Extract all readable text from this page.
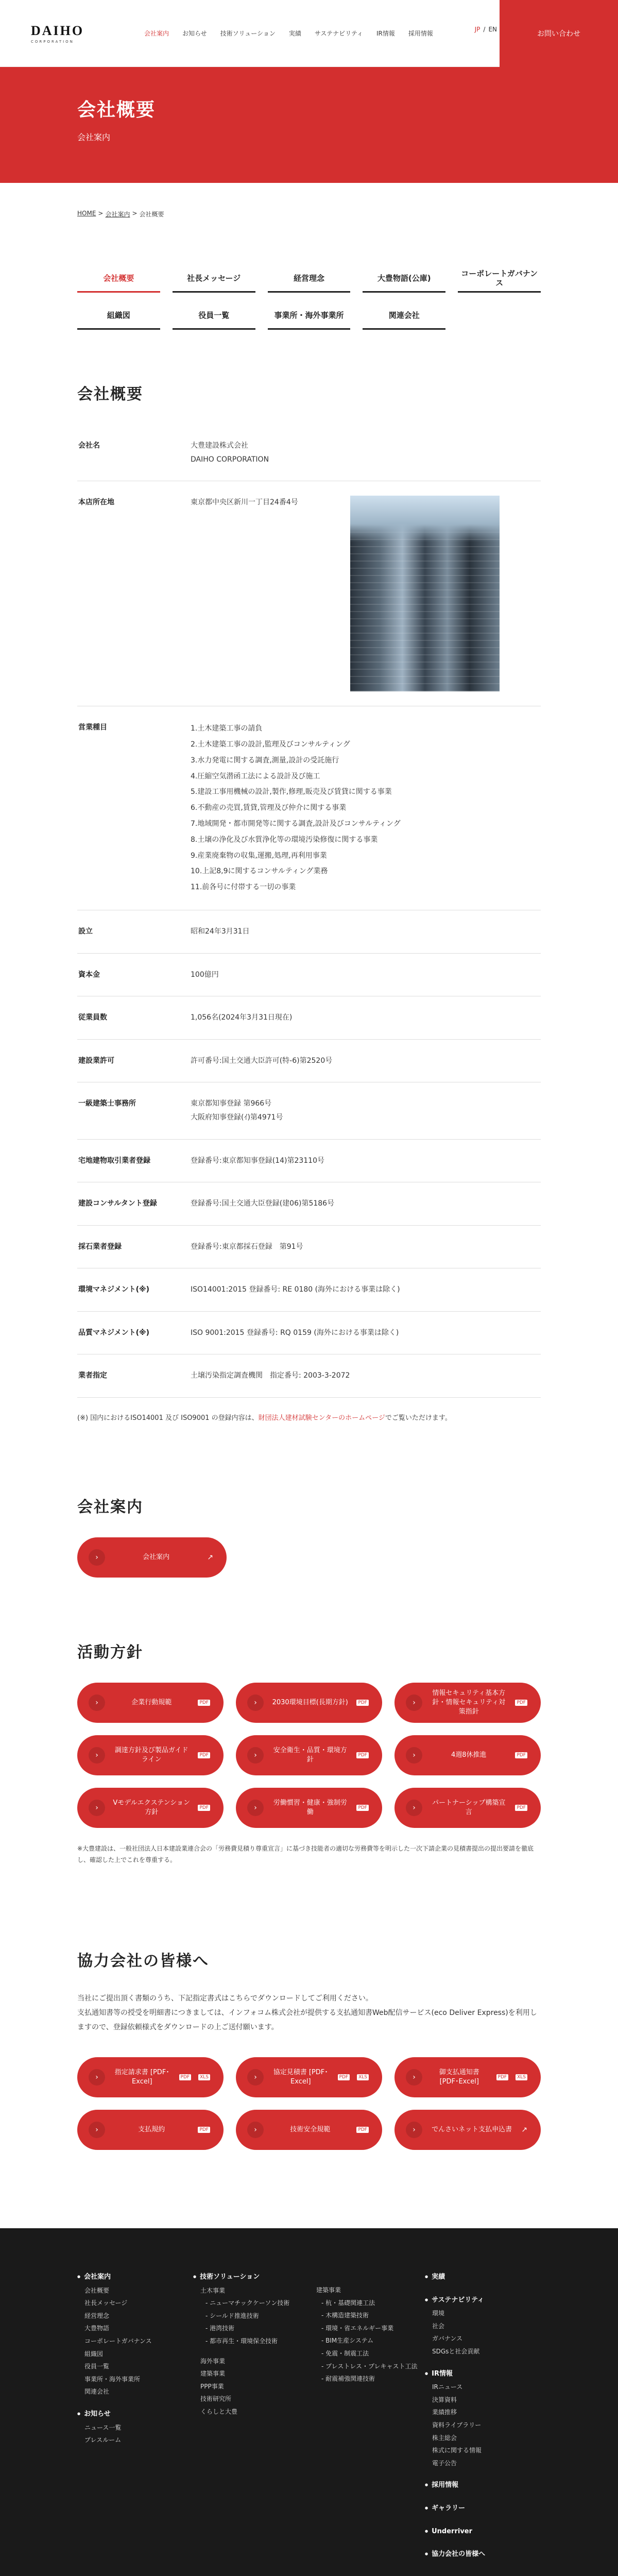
DAIHO
CORPORATION
会社案内 お知らせ 技術ソリューション 実績 サステナビリティ IR情報 採用情報
JP / EN
お問い合わせ
会社概要
会社案内
HOME > 会社案内 > 会社概要
会社概要	社長メッセージ	経営理念	大豊物語(公庫)	コーポレートガバナンス
組織図	役員一覧	事業所・海外事業所	関連会社
会社概要
会社名	大豊建設株式会社
DAIHO CORPORATION
本店所在地	東京都中央区新川一丁目24番4号
営業種目	1.土木建築工事の請負
2.土木建築工事の設計,監理及びコンサルティング
3.水力発電に関する調査,測量,設計の受託施行
4.圧縮空気潜函工法による設計及び施工
5.建設工事用機械の設計,製作,修理,販売及び賃貸に関する事業
6.不動産の売買,賃貸,管理及び仲介に関する事業
7.地域開発・都市開発等に関する調査,設計及びコンサルティング
8.土壌の浄化及び水質浄化等の環境汚染修復に関する事業
9.産業廃棄物の収集,運搬,処理,再利用事業
10.上記8,9に関するコンサルティング業務
11.前各号に付帯する一切の事業
設立	昭和24年3月31日
資本金	100億円
従業員数	1,056名(2024年3月31日現在)
建設業許可	許可番号:国土交通大臣許可(特-6)第2520号
一級建築士事務所	東京都知事登録 第966号
大阪府知事登録(ｲ)第4971号
宅地建物取引業者登録	登録番号:東京都知事登録(14)第23110号
建設コンサルタント登録	登録番号:国土交通大臣登録(建06)第5186号
採石業者登録	登録番号:東京都採石登録　第91号
環境マネジメント(※)	ISO14001:2015 登録番号: RE 0180 (海外における事業は除く)
品質マネジメント(※)	ISO 9001:2015 登録番号: RQ 0159 (海外における事業は除く)
業者指定	土壌汚染指定調査機関　指定番号: 2003-3-2072
(※) 国内におけるISO14001 及び ISO9001 の登録内容は、財団法人建材試験センターのホームページでご覧いただけます。
会社案内
›	会社案内	↗
活動方針
›	企業行動規範	PDF	›	2030環境目標(長期方針)	PDF	›
情報セキュリティ基本方針・情報セキュリティ対策指針
PDF
›
調達方針及び製品ガイドライン
PDF	›
安全衛生・品質・環境方針
PDF	›	4週8休推進	PDF
›
Vモデルエクステンション方針
PDF	›
労働慣習・健康・強制労働
PDF	›
パートナーシップ構築宣言
PDF
※大豊建設は、一般社団法人日本建設業連合会の「労務費見積り尊重宣言」に基づき技能者の適切な労務費等を明示した一次下請企業の見積書提出の提出要請を徹底し、確認した上でこれを尊重する。
協力会社の皆様へ
当社にご提出頂く書類のうち、下記指定書式はこちらでダウンロードしてご利用ください。
支払通知書等の授受を明細書につきましては、インフォコム株式会社が提供する支払通知書Web配信サービス(eco Deliver Express)を利用しますので、登録依頼様式をダウンロードの上ご送付願います。
›
指定請求書 [PDF･Excel]
PDF	XLS	›
協定見積書 [PDF･Excel]
PDF	XLS	›
御支払通知書 [PDF･Excel]
PDF	XLS
›	支払規約	PDF	›	技術安全規範	PDF	›	でんさいネット支払申込書 ↗
● 会社案内
会社概要
社長メッセージ
経営理念
大豊物語
コーポレートガバナンス
組織図
役員一覧
事業所・海外事業所
関連会社
● お知らせ
ニュース一覧
プレスルーム
● 技術ソリューション
土木事業
- ニューマチックケーソン技術
- シールド推進技術
- 港湾技術
- 都市再生・環境保全技術
海外事業
建築事業
PPP事業
技術研究所
くらしと大豊
建築事業
- 杭・基礎関連工法
- 木構造建築技術
- 環境・省エネルギー事業
- BIM生産システム
- 免震・制震工法
- プレストレス・プレキャスト工法
- 耐震補強関連技術
● 実績
● サステナビリティ
環境
社会
ガバナンス
SDGsと社会貢献
● IR情報
IRニュース
決算資料
業績推移
資料ライブラリー
株主総会
株式に関する情報
電子公告
● 採用情報
● ギャラリー
● Underriver
● 協力会社の皆様へ
